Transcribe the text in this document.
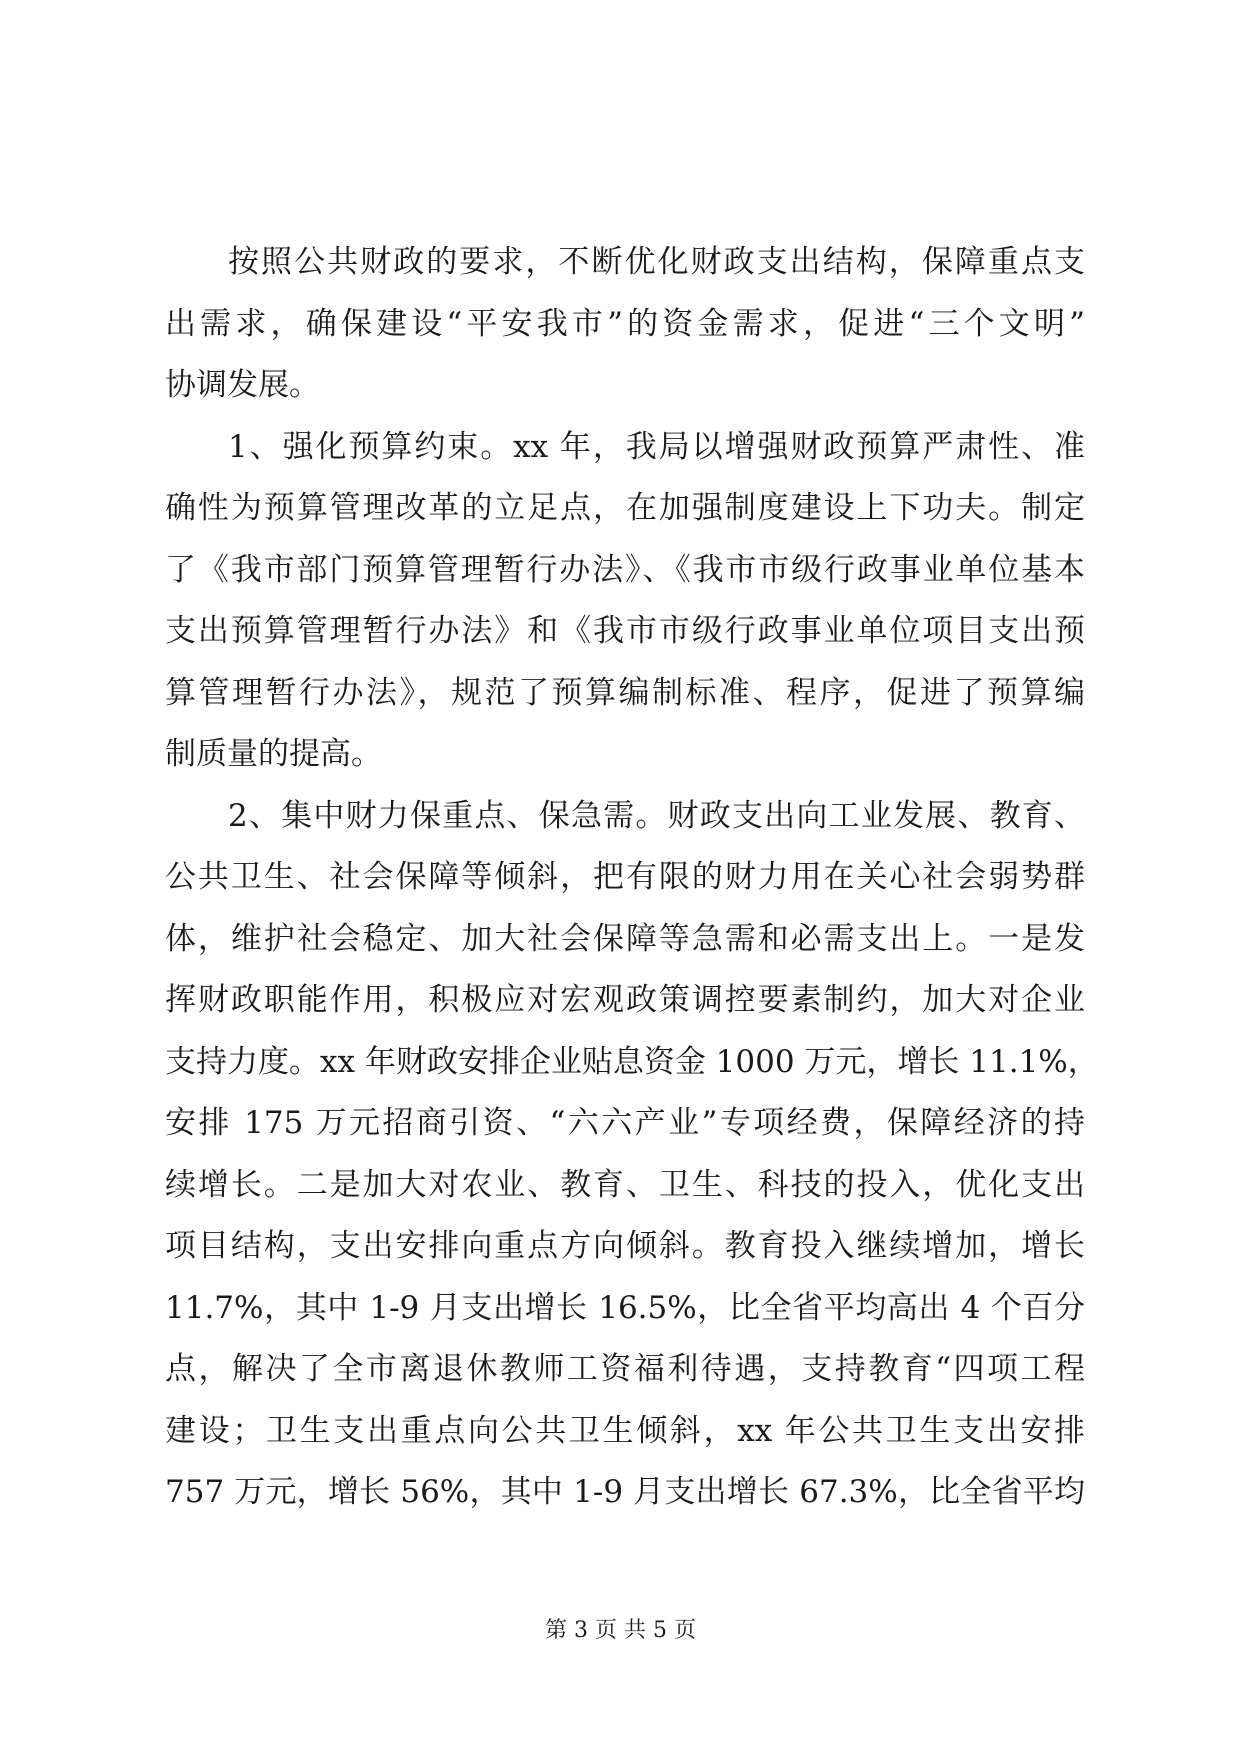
按照公共财政的要求，不断优化财政支出结构，保障重点支
出需求，确保建设“平安我市”的资金需求，促进“三个文明”
协调发展。
1、强化预算约束。xx 年，我局以增强财政预算严肃性、准
确性为预算管理改革的立足点，在加强制度建设上下功夫。制定
了《我市部门预算管理暂行办法》、《我市市级行政事业单位基本
支出预算管理暂行办法》和《我市市级行政事业单位项目支出预
算管理暂行办法》，规范了预算编制标准、程序，促进了预算编
制质量的提高。
2、集中财力保重点、保急需。财政支出向工业发展、教育、
公共卫生、社会保障等倾斜，把有限的财力用在关心社会弱势群
体，维护社会稳定、加大社会保障等急需和必需支出上。一是发
挥财政职能作用，积极应对宏观政策调控要素制约，加大对企业
支持力度。xx 年财政安排企业贴息资金 1000 万元，增长 11.1%，
安排 175 万元招商引资、“六六产业”专项经费，保障经济的持
续增长。二是加大对农业、教育、卫生、科技的投入，优化支出
项目结构，支出安排向重点方向倾斜。教育投入继续增加，增长
11.7%，其中 1-9 月支出增长 16.5%，比全省平均高出 4 个百分
点，解决了全市离退休教师工资福利待遇，支持教育“四项工程
建设；卫生支出重点向公共卫生倾斜，xx 年公共卫生支出安排
757 万元，增长 56%，其中 1-9 月支出增长 67.3%，比全省平均
第 3 页 共 5 页
